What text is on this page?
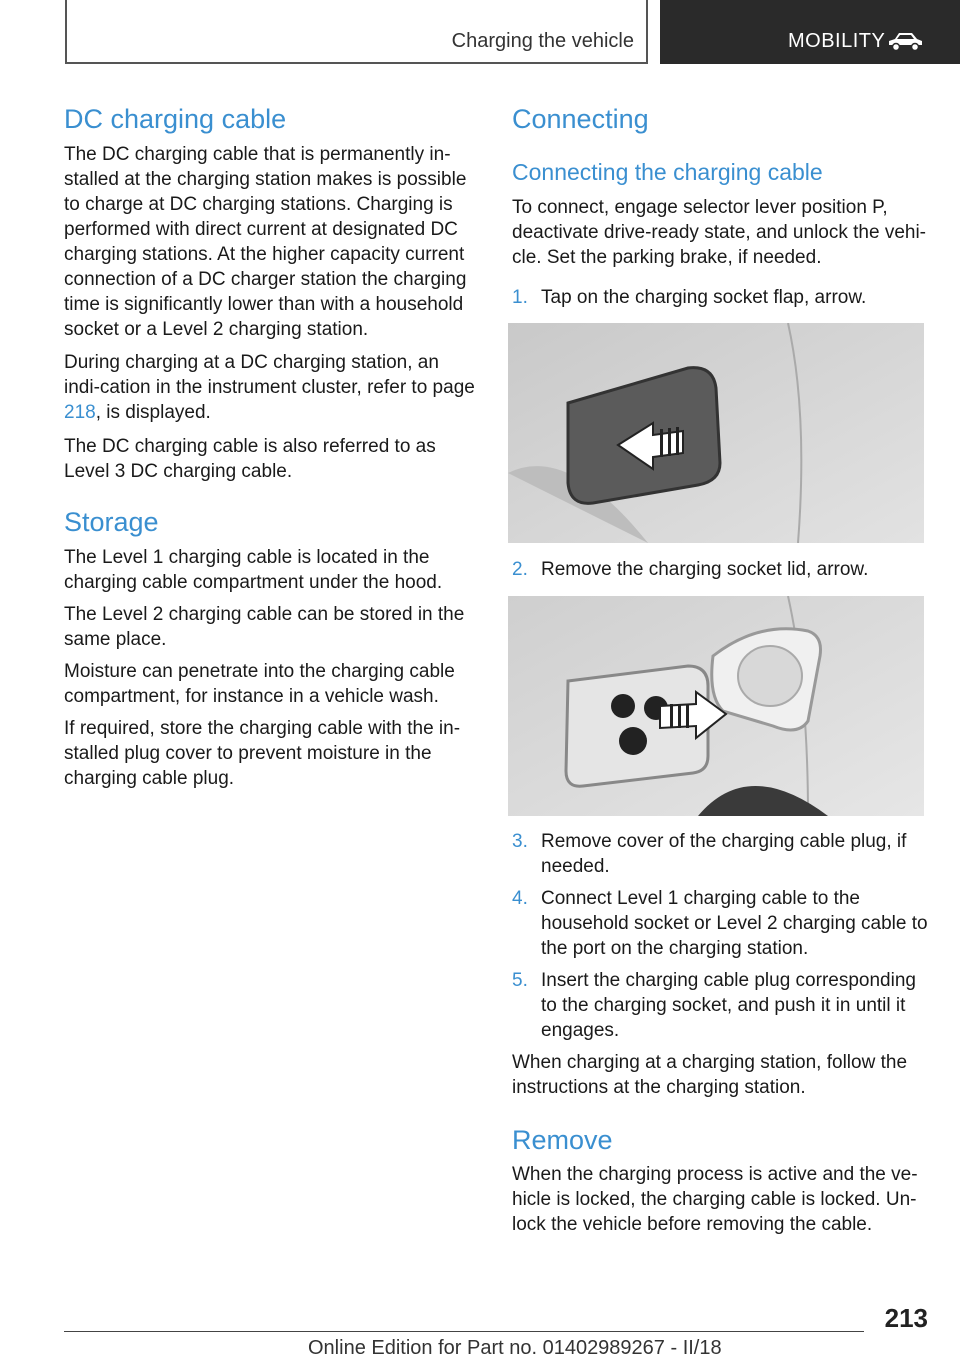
Charging the vehicle	MOBILITY
DC charging cable

The DC charging cable that is permanently in-stalled at the charging station makes is possible to charge at DC charging stations. Charging is performed with direct current at designated DC charging stations. At the higher capacity current connection of a DC charger station the charging time is significantly lower than with a household socket or a Level 2 charging station.

During charging at a DC charging station, an indi-cation in the instrument cluster, refer to page 218, is displayed.

The DC charging cable is also referred to as Level 3 DC charging cable.

Storage

The Level 1 charging cable is located in the charging cable compartment under the hood.

The Level 2 charging cable can be stored in the same place.

Moisture can penetrate into the charging cable compartment, for instance in a vehicle wash.

If required, store the charging cable with the in-stalled plug cover to prevent moisture in the charging cable plug.

Connecting
Connecting the charging cable

To connect, engage selector lever position P, deactivate drive-ready state, and unlock the vehi-cle. Set the parking brake, if needed.

1. Tap on the charging socket flap, arrow.
2. Remove the charging socket lid, arrow.
3. Remove cover of the charging cable plug, if needed.
4. Connect Level 1 charging cable to the household socket or Level 2 charging cable to the port on the charging station.
5. Insert the charging cable plug corresponding to the charging socket, and push it in until it engages.

When charging at a charging station, follow the instructions at the charging station.

Remove

When the charging process is active and the ve-hicle is locked, the charging cable is locked. Un-lock the vehicle before removing the cable.

213
Online Edition for Part no. 01402989267 - II/18
